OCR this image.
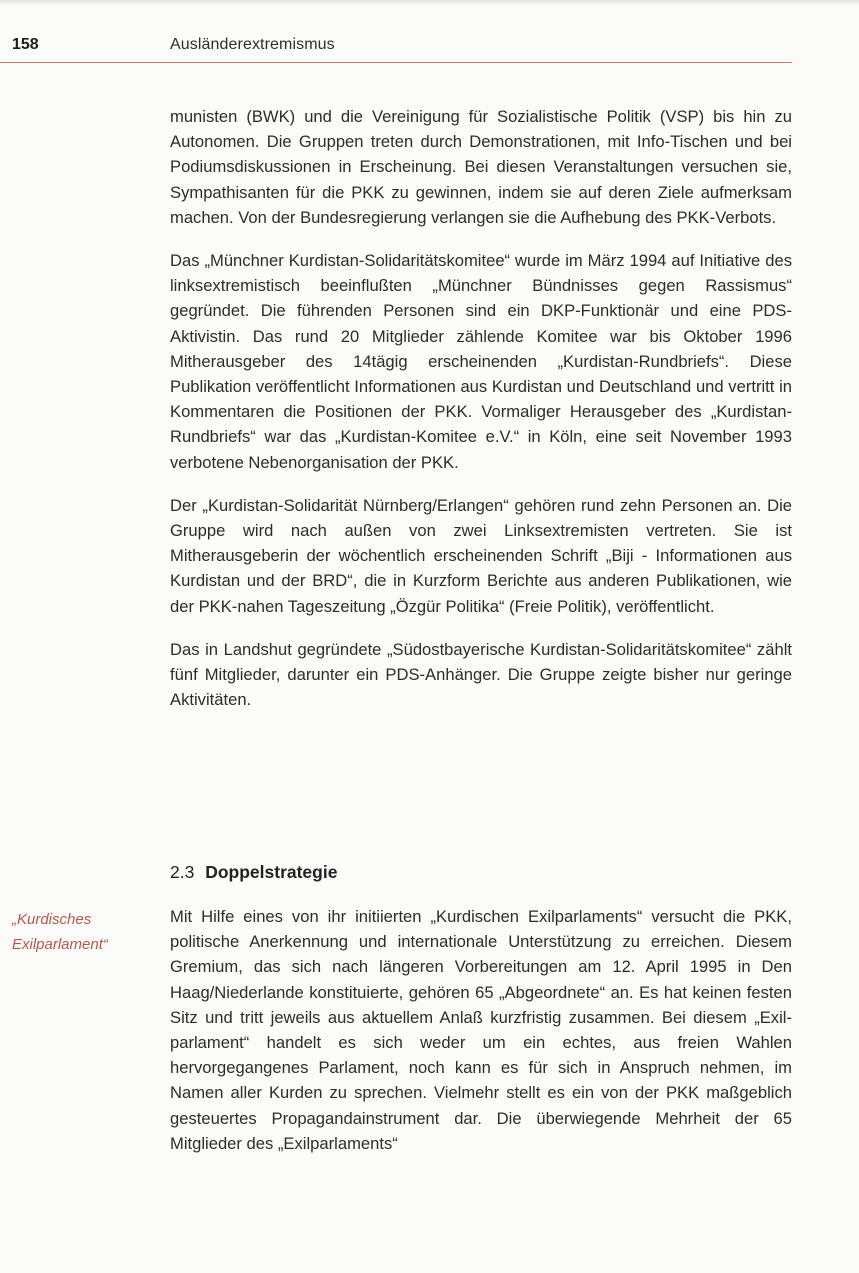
158	Ausländerextremismus

munisten (BWK) und die Vereinigung für Sozialistische Politik (VSP) bis hin zu Autonomen. Die Gruppen treten durch Demonstrationen, mit Info-Tischen und bei Podiumsdiskussionen in Erscheinung. Bei diesen Veranstaltungen versuchen sie, Sympathisanten für die PKK zu gewinnen, indem sie auf deren Ziele aufmerksam machen. Von der Bundesregierung verlangen sie die Aufhebung des PKK-Verbots.

Das „Münchner Kurdistan-Solidaritätskomitee“ wurde im März 1994 auf Initiative des linksextremistisch beeinflußten „Münchner Bündnisses gegen Rassismus“ gegründet. Die führenden Personen sind ein DKP-Funktionär und eine PDS-Aktivistin. Das rund 20 Mitglieder zählende Komitee war bis Oktober 1996 Mitherausgeber des 14tägig erscheinenden „Kurdistan-Rundbriefs“. Diese Publikation veröffentlicht Informationen aus Kurdistan und Deutschland und vertritt in Kommentaren die Positionen der PKK. Vormaliger Herausgeber des „Kurdistan-Rundbriefs“ war das „Kurdistan-Komitee e.V.“ in Köln, eine seit November 1993 verbotene Nebenorganisation der PKK.

Der „Kurdistan-Solidarität Nürnberg/Erlangen“ gehören rund zehn Personen an. Die Gruppe wird nach außen von zwei Linksextremisten vertreten. Sie ist Mitherausgeberin der wöchentlich erscheinenden Schrift „Biji - Informationen aus Kurdistan und der BRD“, die in Kurzform Berichte aus anderen Publikationen, wie der PKK-nahen Tageszeitung „Özgür Politika“ (Freie Politik), veröffentlicht.

Das in Landshut gegründete „Südostbayerische Kurdistan-Solidaritätskomitee“ zählt fünf Mitglieder, darunter ein PDS-Anhänger. Die Gruppe zeigte bisher nur geringe Aktivitäten.

2.3 Doppelstrategie
„Kurdisches
Exilparlament“

Mit Hilfe eines von ihr initiierten „Kurdischen Exilparlaments“ versucht die PKK, politische Anerkennung und internationale Unterstützung zu erreichen. Diesem Gremium, das sich nach längeren Vorbereitungen am 12. April 1995 in Den Haag/Niederlande konstituierte, gehören 65 „Abgeordnete“ an. Es hat keinen festen Sitz und tritt jeweils aus aktuellem Anlaß kurzfristig zusammen. Bei diesem „Exilparlament“ handelt es sich weder um ein echtes, aus freien Wahlen hervorgegangenes Parlament, noch kann es für sich in Anspruch nehmen, im Namen aller Kurden zu sprechen. Vielmehr stellt es ein von der PKK maßgeblich gesteuertes Propagandainstrument dar. Die überwiegende Mehrheit der 65 Mitglieder des „Exilparlaments“
